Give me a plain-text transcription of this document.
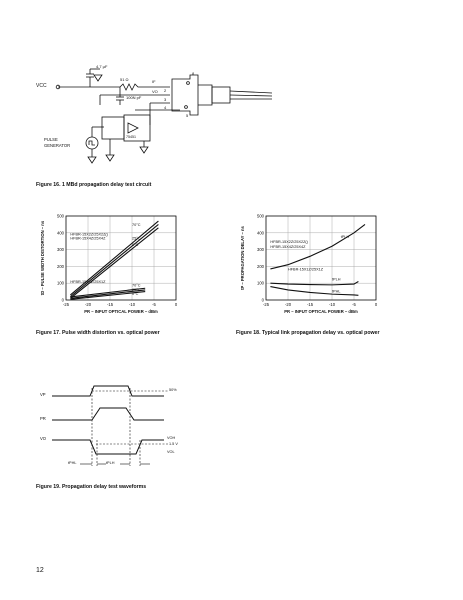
VCC
4.7 µF
51 Ω
100N pF
IF
VO
8
2
3
4
5
75451
PULSE
GENERATOR
Figure 16. 1 MBd propagation delay test circuit
-25	-20	-15	-10	-5	0
0
100
200
300
400
500
PR – INPUT OPTICAL POWER – dBm
tD – PULSE WIDTH DISTORTION – ns	70°C
HFBR-15X2Z/25X2Z()
HFBR-15X4Z/25X4Z	25°C
0°C
HFBR-15X1Z/25X1Z
70°C
25°C
0°C
Figure 17. Pulse width distortion vs. optical power
-25	-20	-15	-10	-5	0
0
100
200
300
400
500
PR – INPUT OPTICAL POWER – dBm
tP – PROPAGATION DELAY – ns	HFBR-15X2Z/25X2Z()
HFBR-15X4Z/25X4Z
tPLH
HFBR-15X1Z/25X1Z
tPLH
tPHL
Figure 18. Typical link propagation delay vs. optical power
VP
PR
VO
50%
VOH
1.5 V
VOL
tPHL	tPLH
Figure 19. Propagation delay test waveforms
12
